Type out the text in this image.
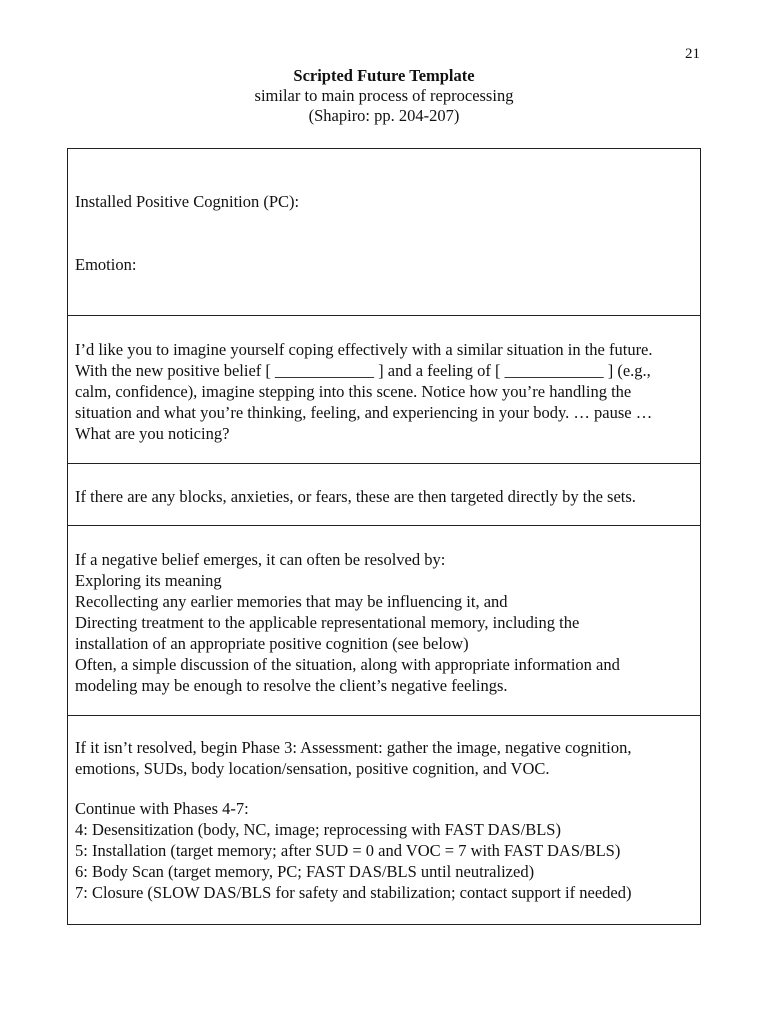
21
Scripted Future Template
similar to main process of reprocessing
(Shapiro: pp. 204-207)
Installed Positive Cognition (PC):
Emotion:
I’d like you to imagine yourself coping effectively with a similar situation in the future.
With the new positive belief [ ____________ ] and a feeling of [ ____________ ] (e.g.,
calm, confidence), imagine stepping into this scene. Notice how you’re handling the
situation and what you’re thinking, feeling, and experiencing in your body. … pause …
What are you noticing?
If there are any blocks, anxieties, or fears, these are then targeted directly by the sets.
If a negative belief emerges, it can often be resolved by:
Exploring its meaning
Recollecting any earlier memories that may be influencing it, and
Directing treatment to the applicable representational memory, including the
installation of an appropriate positive cognition (see below)
Often, a simple discussion of the situation, along with appropriate information and
modeling may be enough to resolve the client’s negative feelings.
If it isn’t resolved, begin Phase 3: Assessment: gather the image, negative cognition,
emotions, SUDs, body location/sensation, positive cognition, and VOC.
Continue with Phases 4-7:
4: Desensitization (body, NC, image; reprocessing with FAST DAS/BLS)
5: Installation (target memory; after SUD = 0 and VOC = 7 with FAST DAS/BLS)
6: Body Scan (target memory, PC; FAST DAS/BLS until neutralized)
7: Closure (SLOW DAS/BLS for safety and stabilization; contact support if needed)
